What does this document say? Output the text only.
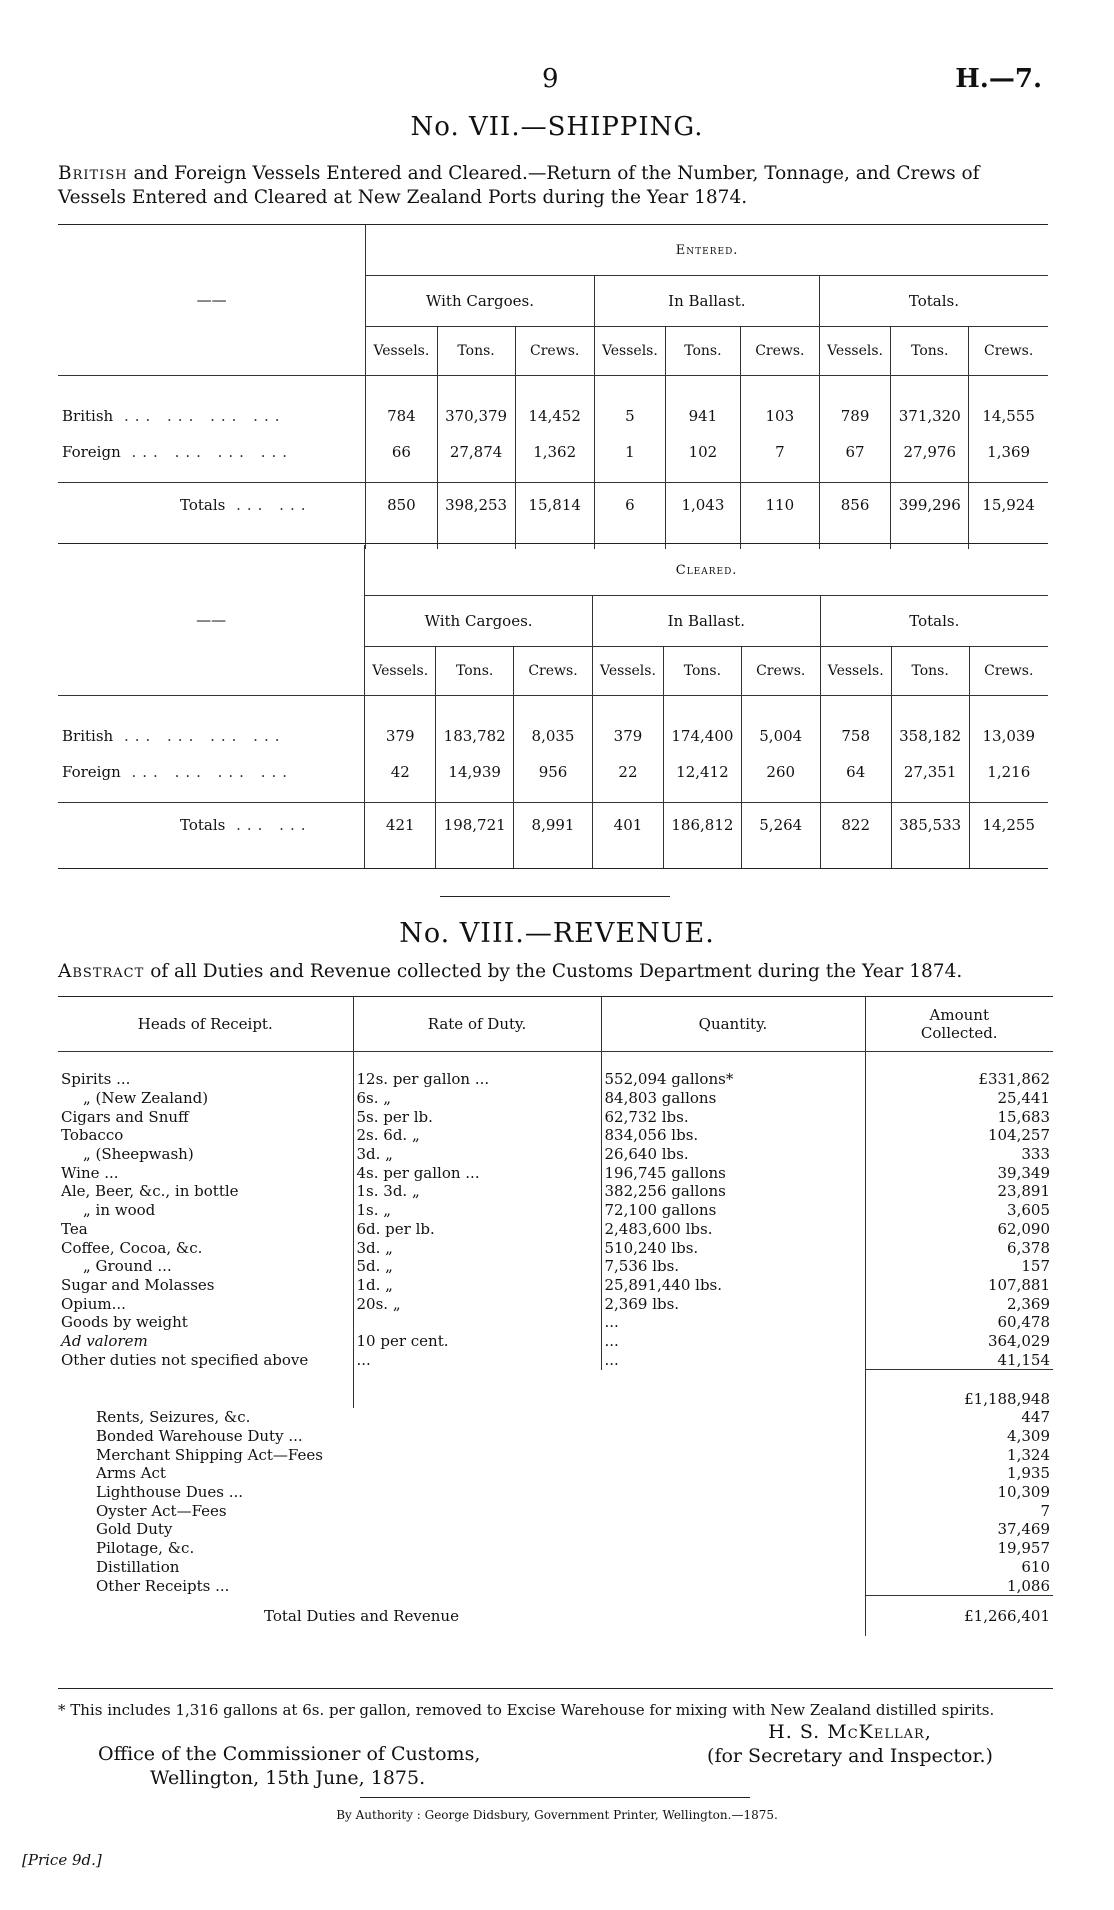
9	H.—7.
No. VII.—SHIPPING.
British and Foreign Vessels Entered and Cleared.—Return of the Number, Tonnage, and Crews of Vessels Entered and Cleared at New Zealand Ports during the Year 1874.
——	Entered.								
	With Cargoes.			In Ballast.			Totals.		
	Vessels.	Tons.	Crews.	Vessels.	Tons.	Crews.	Vessels.	Tons.	Crews.

British ... ... ... ...	784	370,379	14,452	5	941	103	789	371,320	14,555
Foreign ... ... ... ...	66	27,874	1,362	1	102	7	67	27,976	1,369

Totals ... ...	850	398,253	15,814	6	1,043	110	856	399,296	15,924

——	Cleared.								
	With Cargoes.			In Ballast.			Totals.		
	Vessels.	Tons.	Crews.	Vessels.	Tons.	Crews.	Vessels.	Tons.	Crews.

British ... ... ... ...	379	183,782	8,035	379	174,400	5,004	758	358,182	13,039
Foreign ... ... ... ...	42	14,939	956	22	12,412	260	64	27,351	1,216

Totals ... ...	421	198,721	8,991	401	186,812	5,264	822	385,533	14,255

No. VIII.—REVENUE.
Abstract of all Duties and Revenue collected by the Customs Department during the Year 1874.
Heads of Receipt.	Rate of Duty.	Quantity.	Amount Collected.

Spirits ...	12s. per gallon ...	552,094 gallons*	£331,862
„ (New Zealand)	6s. „	84,803 gallons	25,441
Cigars and Snuff	5s. per lb.	62,732 lbs.	15,683
Tobacco	2s. 6d. „	834,056 lbs.	104,257
„ (Sheepwash)	3d. „	26,640 lbs.	333
Wine ...	4s. per gallon ...	196,745 gallons	39,349
Ale, Beer, &c., in bottle	1s. 3d. „	382,256 gallons	23,891
„ in wood	1s. „	72,100 gallons	3,605
Tea	6d. per lb.	2,483,600 lbs.	62,090
Coffee, Cocoa, &c.	3d. „	510,240 lbs.	6,378
„ Ground ...	5d. „	7,536 lbs.	157
Sugar and Molasses	1d. „	25,891,440 lbs.	107,881
Opium...	20s. „	2,369 lbs.	2,369
Goods by weight		...	60,478
Ad valorem	10 per cent.	...	364,029
Other duties not specified above	...	...	41,154
			£1,188,948
Rents, Seizures, &c.			447
Bonded Warehouse Duty ...			4,309
Merchant Shipping Act—Fees			1,324
Arms Act			1,935
Lighthouse Dues ...			10,309
Oyster Act—Fees			7
Gold Duty			37,469
Pilotage, &c.			19,957
Distillation			610
Other Receipts ...			1,086
Total Duties and Revenue			£1,266,401
* This includes 1,316 gallons at 6s. per gallon, removed to Excise Warehouse for mixing with New Zealand distilled spirits.
Office of the Commissioner of Customs,
Wellington, 15th June, 1875.
H. S. McKellar,
(for Secretary and Inspector.)
By Authority : George Didsbury, Government Printer, Wellington.—1875.
[Price 9d.]
